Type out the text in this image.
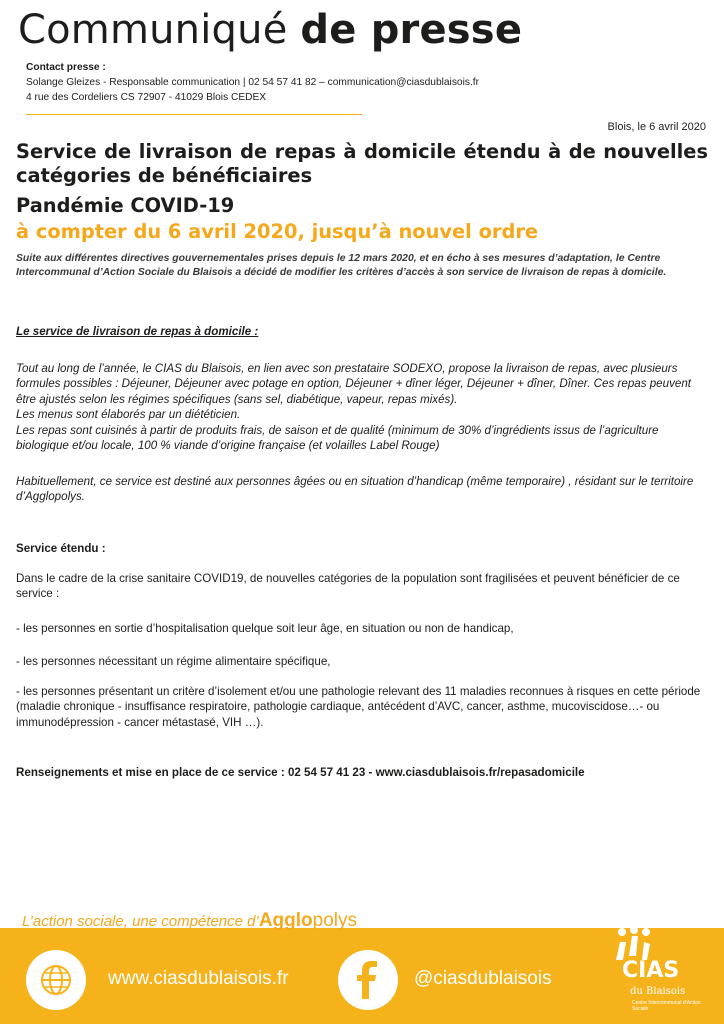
Communiqué de presse
Contact presse :
Solange Gleizes - Responsable communication | 02 54 57 41 82 – communication@ciasdublaisois.fr
4 rue des Cordeliers CS 72907 - 41029 Blois CEDEX
Blois, le 6 avril 2020
Service de livraison de repas à domicile étendu à de nouvelles catégories de bénéficiaires
Pandémie COVID-19
à compter du 6 avril 2020, jusqu’à nouvel ordre
Suite aux différentes directives gouvernementales prises depuis le 12 mars 2020, et en écho à ses mesures d’adaptation, le Centre Intercommunal d’Action Sociale du Blaisois a décidé de modifier les critères d’accès à son service de livraison de repas à domicile.
Le service de livraison de repas à domicile :
Tout au long de l’année, le CIAS du Blaisois, en lien avec son prestataire SODEXO, propose la livraison de repas, avec plusieurs formules possibles : Déjeuner, Déjeuner avec potage en option, Déjeuner + dîner léger, Déjeuner + dîner, Dîner. Ces repas peuvent être ajustés selon les régimes spécifiques (sans sel, diabétique, vapeur, repas mixés).
Les menus sont élaborés par un diététicien.
Les repas sont cuisinés à partir de produits frais, de saison et de qualité (minimum de 30% d’ingrédients issus de l’agriculture biologique et/ou locale, 100 % viande d’origine française (et volailles Label Rouge)
Habituellement, ce service est destiné aux personnes âgées ou en situation d’handicap (même temporaire) , résidant sur le territoire d’Agglopolys.
Service étendu :
Dans le cadre de la crise sanitaire COVID19, de nouvelles catégories de la population sont fragilisées et peuvent bénéficier de ce service :
- les personnes en sortie d’hospitalisation quelque soit leur âge, en situation ou non de handicap,
- les personnes nécessitant un régime alimentaire spécifique,
- les personnes présentant un critère d’isolement et/ou une pathologie relevant des 11 maladies reconnues à risques en cette période (maladie chronique - insuffisance respiratoire, pathologie cardiaque, antécédent d’AVC, cancer, asthme, mucoviscidose…- ou immunodépression - cancer métastasé, VIH …).
Renseignements et mise en place de ce service : 02 54 57 41 23 - www.ciasdublaisois.fr/repasadomicile
L’action sociale, une compétence d’Agglopolys
www.ciasdublaisois.fr	@ciasdublaisois	CIAS
du Blaisois
Centre Intercommunal d’Action Sociale
